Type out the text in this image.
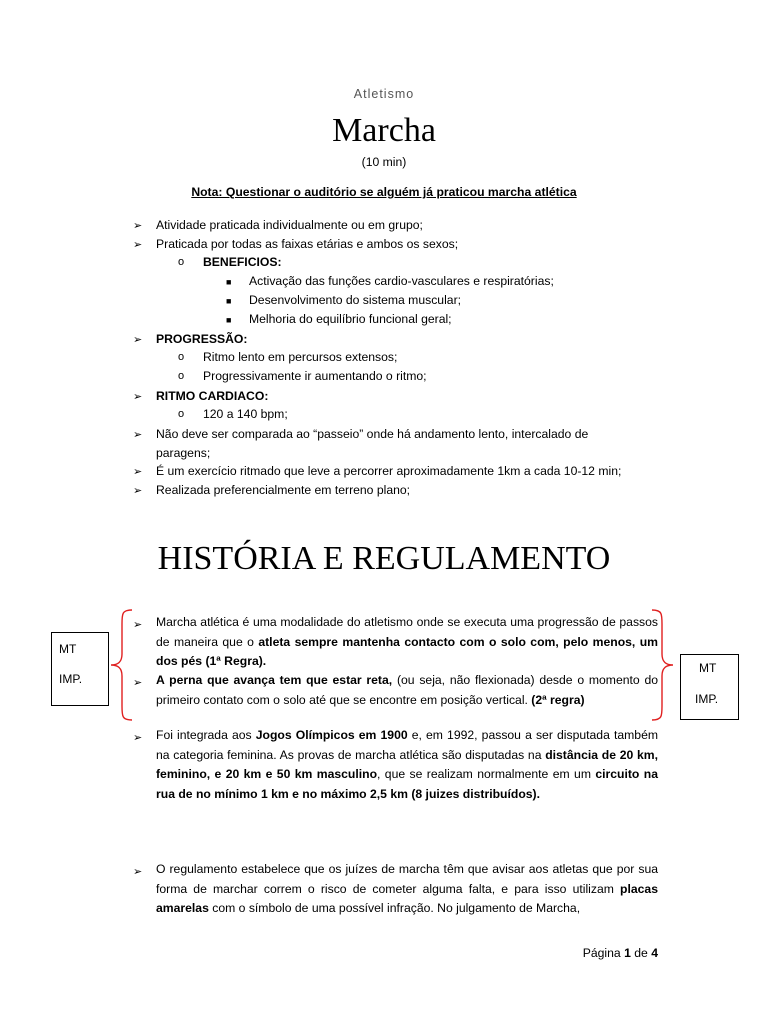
Atletismo
Marcha
(10 min)
Nota: Questionar o auditório se alguém já praticou marcha atlética
➢ Atividade praticada individualmente ou em grupo;
➢ Praticada por todas as faixas etárias e ambos os sexos;
o BENEFICIOS:
■ Activação das funções cardio-vasculares e respiratórias;
■ Desenvolvimento do sistema muscular;
■ Melhoria do equilíbrio funcional geral;
➢ PROGRESSÃO:
o Ritmo lento em percursos extensos;
o Progressivamente ir aumentando o ritmo;
➢ RITMO CARDIACO:
o 120 a 140 bpm;
➢ Não deve ser comparada ao “passeio” onde há andamento lento, intercalado de
paragens;
➢ É um exercício ritmado que leve a percorrer aproximadamente 1km a cada 10-12 min;
➢ Realizada preferencialmente em terreno plano;
HISTÓRIA E REGULAMENTO
MT
IMP.
MT
IMP.
➢ Marcha atlética é uma modalidade do atletismo onde se executa uma progressão de passos de maneira que o atleta sempre mantenha contacto com o solo com, pelo menos, um dos pés (1ª Regra).
➢ A perna que avança tem que estar reta, (ou seja, não flexionada) desde o momento do primeiro contato com o solo até que se encontre em posição vertical. (2ª regra)
➢ Foi integrada aos Jogos Olímpicos em 1900 e, em 1992, passou a ser disputada também na categoria feminina. As provas de marcha atlética são disputadas na distância de 20 km, feminino, e 20 km e 50 km masculino, que se realizam normalmente em um circuito na rua de no mínimo 1 km e no máximo 2,5 km (8 juizes distribuídos).
➢ O regulamento estabelece que os juízes de marcha têm que avisar aos atletas que por sua forma de marchar correm o risco de cometer alguma falta, e para isso utilizam placas amarelas com o símbolo de uma possível infração. No julgamento de Marcha,
Página 1 de 4
